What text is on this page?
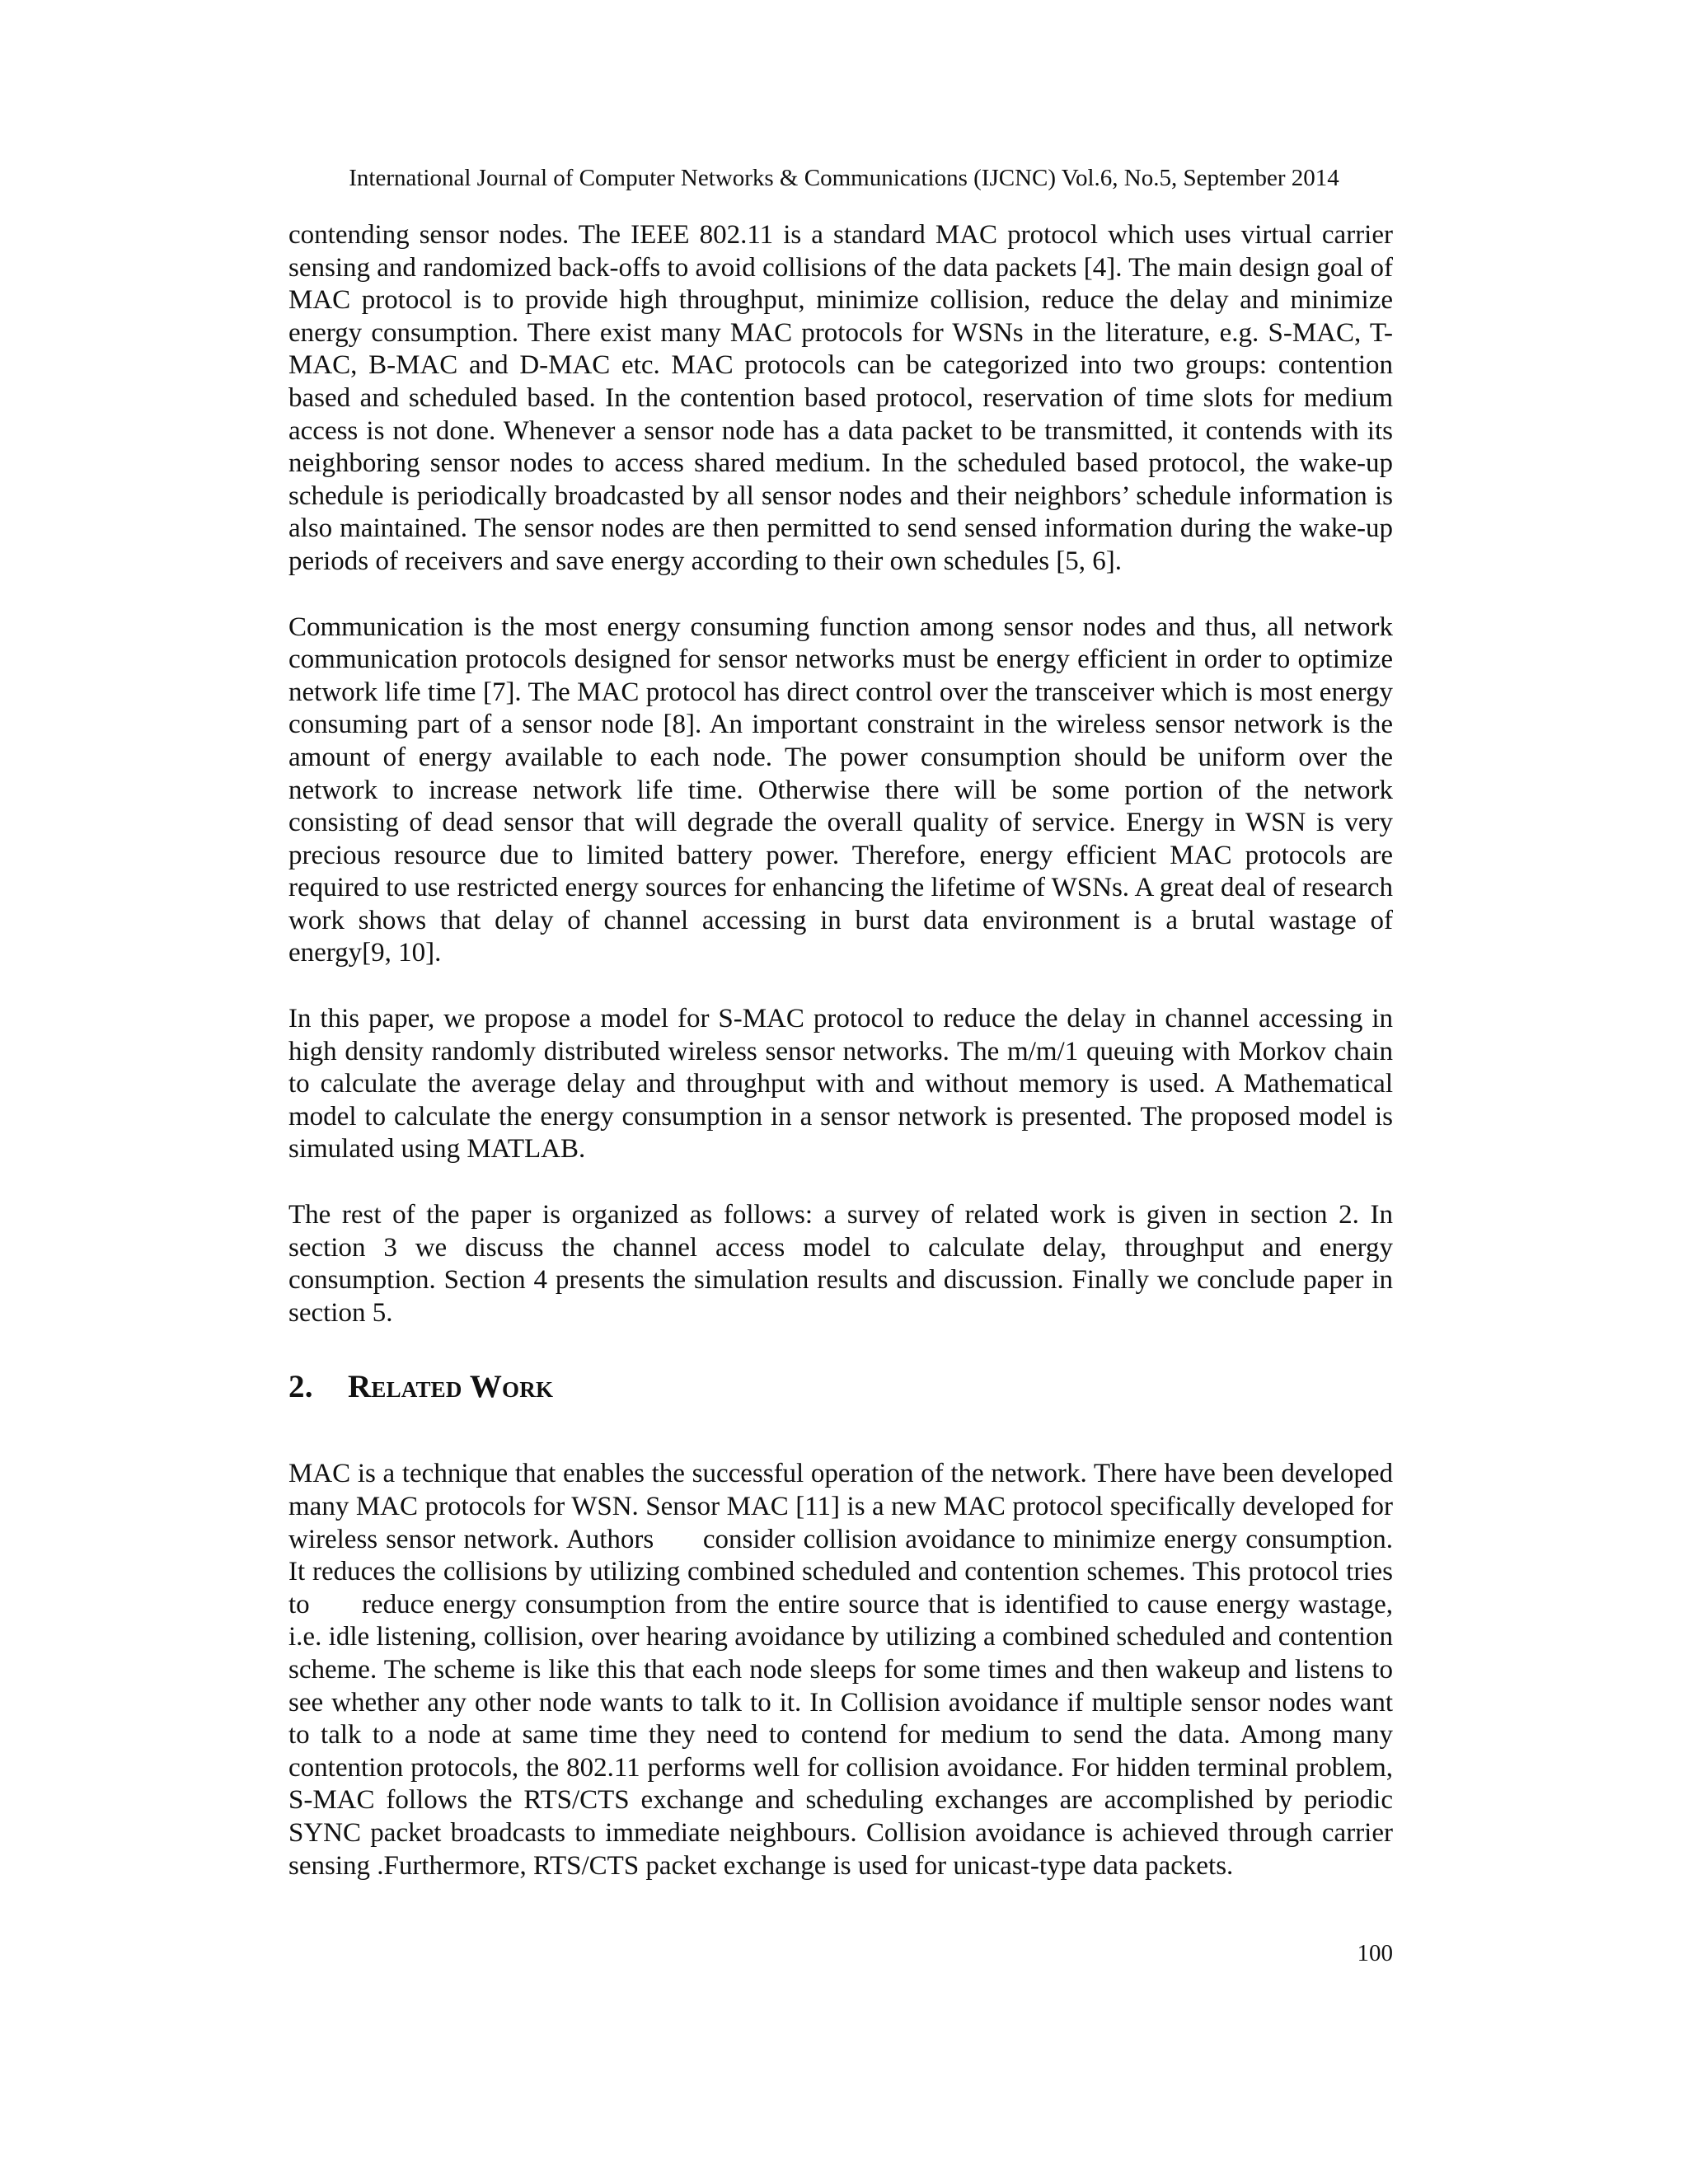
International Journal of Computer Networks & Communications (IJCNC) Vol.6, No.5, September 2014

contending sensor nodes. The IEEE 802.11 is a standard MAC protocol which uses virtual carrier sensing and randomized back-offs to avoid collisions of the data packets [4]. The main design goal of MAC protocol is to provide high throughput, minimize collision, reduce the delay and minimize energy consumption. There exist many MAC protocols for WSNs in the literature, e.g. S-MAC, T-MAC, B-MAC and D-MAC etc. MAC protocols can be categorized into two groups: contention based and scheduled based. In the contention based protocol, reservation of time slots for medium access is not done. Whenever a sensor node has a data packet to be transmitted, it contends with its neighboring sensor nodes to access shared medium. In the scheduled based protocol, the wake-up schedule is periodically broadcasted by all sensor nodes and their neighbors’ schedule information is also maintained. The sensor nodes are then permitted to send sensed information during the wake-up periods of receivers and save energy according to their own schedules [5, 6].

Communication is the most energy consuming function among sensor nodes and thus, all network communication protocols designed for sensor networks must be energy efficient in order to optimize network life time [7]. The MAC protocol has direct control over the transceiver which is most energy consuming part of a sensor node [8]. An important constraint in the wireless sensor network is the amount of energy available to each node. The power consumption should be uniform over the network to increase network life time. Otherwise there will be some portion of the network consisting of dead sensor that will degrade the overall quality of service. Energy in WSN is very precious resource due to limited battery power. Therefore, energy efficient MAC protocols are required to use restricted energy sources for enhancing the lifetime of WSNs. A great deal of research work shows that delay of channel accessing in burst data environment is a brutal wastage of energy[9, 10].

In this paper, we propose a model for S-MAC protocol to reduce the delay in channel accessing in high density randomly distributed wireless sensor networks. The m/m/1 queuing with Morkov chain to calculate the average delay and throughput with and without memory is used. A Mathematical model to calculate the energy consumption in a sensor network is presented. The proposed model is simulated using MATLAB.

The rest of the paper is organized as follows: a survey of related work is given in section 2. In section 3 we discuss the channel access model to calculate delay, throughput and energy consumption. Section 4 presents the simulation results and discussion. Finally we conclude paper in section 5.

2. Related Work

MAC is a technique that enables the successful operation of the network. There have been developed many MAC protocols for WSN. Sensor MAC [11] is a new MAC protocol specifically developed for wireless sensor network. Authors      consider collision avoidance to minimize energy consumption. It reduces the collisions by utilizing combined scheduled and contention schemes. This protocol tries to      reduce energy consumption from the entire source that is identified to cause energy wastage, i.e. idle listening, collision, over hearing avoidance by utilizing a combined scheduled and contention scheme. The scheme is like this that each node sleeps for some times and then wakeup and listens to see whether any other node wants to talk to it. In Collision avoidance if multiple sensor nodes want to talk to a node at same time they need to contend for medium to send the data. Among many contention protocols, the 802.11 performs well for collision avoidance. For hidden terminal problem, S-MAC follows the RTS/CTS exchange and scheduling exchanges are accomplished by periodic SYNC packet broadcasts to immediate neighbours. Collision avoidance is achieved through carrier sensing .Furthermore, RTS/CTS packet exchange is used for unicast-type data packets.

100
